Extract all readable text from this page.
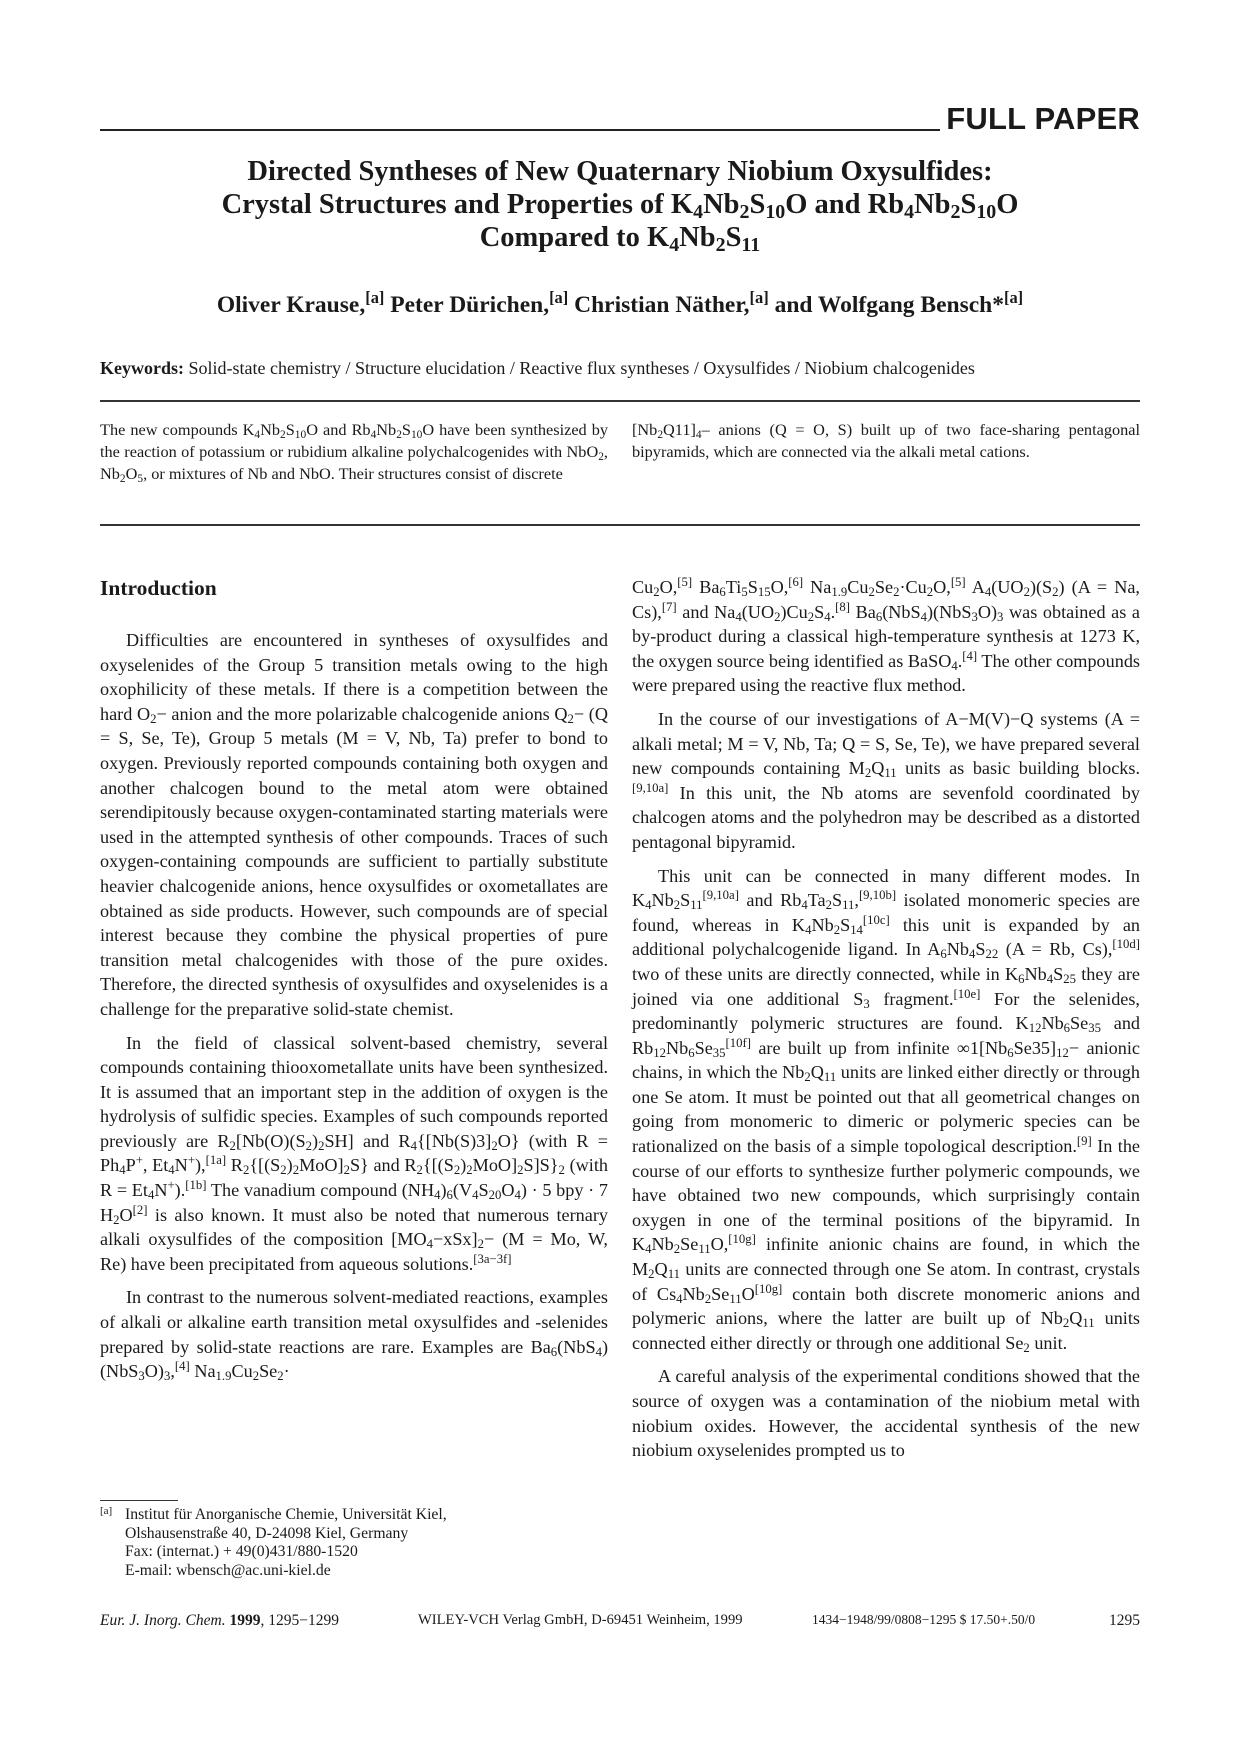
FULL PAPER
Directed Syntheses of New Quaternary Niobium Oxysulfides:
Crystal Structures and Properties of $K_4Nb_2S_{10}O$ and $Rb_4Nb_2S_{10}O$
Compared to $K_4Nb_2S_{11}$
Oliver Krause,[a] Peter Dürichen,[a] Christian Näther,[a] and Wolfgang Bensch*[a]
Keywords: Solid-state chemistry / Structure elucidation / Reactive flux syntheses / Oxysulfides / Niobium chalcogenides
The new compounds $K_4Nb_2S_{10}O$ and $Rb_4Nb_2S_{10}O$ have been synthesized by the reaction of potassium or rubidium alkaline polychalcogenides with NbO$_2$, $Nb_2O_5$, or mixtures of Nb and NbO. Their structures consist of discrete
$[Nb_2Q11]_4-$ anions (Q = O, S) built up of two face-sharing pentagonal bipyramids, which are connected via the alkali metal cations.
Introduction

Difficulties are encountered in syntheses of oxysulfides and oxyselenides of the Group 5 transition metals owing to the high oxophilicity of these metals. If there is a competition between the hard $O_2-$ anion and the more polarizable chalcogenide anions $Q_2- (Q = S$, Se, Te), Group 5 metals (M = V, Nb, Ta) prefer to bond to oxygen. Previously reported compounds containing both oxygen and another chalcogen bound to the metal atom were obtained serendipitously because oxygen-contaminated starting materials were used in the attempted synthesis of other compounds. Traces of such oxygen-containing compounds are sufficient to partially substitute heavier chalcogenide anions, hence oxysulfides or oxometallates are obtained as side products. However, such compounds are of special interest because they combine the physical properties of pure transition metal chalcogenides with those of the pure oxides. Therefore, the directed synthesis of oxysulfides and oxyselenides is a challenge for the preparative solid-state chemist.

In the field of classical solvent-based chemistry, several compounds containing thiooxometallate units have been synthesized. It is assumed that an important step in the addition of oxygen is the hydrolysis of sulfidic species. Examples of such compounds reported previously are $R_2[Nb(O)(S_2)_2SH]$ and $R_4\{[Nb(S)3]_2O\}$ (with $R = Ph_4P^+$, $Et_4N^+),[1a]$ $R_2\{[(S_2)_2MoO]_2S\}$ and $R_2\{[(S_2)_2MoO]_2S]S\}_2$ (with $R = Et_4N^+).[1b]$ The vanadium compound $(NH_4)_6(V_4S_{20}O_4) \cdot 5$ bpy · 7 $H_2O[2]$ is also known. It must also be noted that numerous ternary alkali oxysulfides of the composition $[MO_4-xSx]_2- (M = Mo$, W, Re) have been precipitated from aqueous solutions.[3a−3f]

In contrast to the numerous solvent-mediated reactions, examples of alkali or alkaline earth transition metal oxysulfides and -selenides prepared by solid-state reactions are rare. Examples are $Ba_6(NbS_4)(NbS_3O)_3,[4]$ $Na_{1.9}Cu_2Se_2\cdot$

$Cu_2O,[5]$ $Ba_6Ti_5S_{15}O,[6]$ $Na_{1.9}Cu_2Se_2\cdot Cu_2O,[5]$ $A_4(UO_2)(S_2) (A = Na$, Cs),[7] and $Na_4(UO_2)Cu_2S_4.[8]$ $Ba_6(NbS_4)(NbS_3O)_3$ was obtained as a by-product during a classical high-temperature synthesis at 1273 K, the oxygen source being identified as BaSO$_4$.[4] The other compounds were prepared using the reactive flux method.

In the course of our investigations of A−M(V)−Q systems (A = alkali metal; M = V, Nb, Ta; Q = S, Se, Te), we have prepared several new compounds containing $M_2Q_{11}$ units as basic building blocks.[9,10a] In this unit, the Nb atoms are sevenfold coordinated by chalcogen atoms and the polyhedron may be described as a distorted pentagonal bipyramid.

This unit can be connected in many different modes. In $K_4Nb_2S_{11}[9,10a]$ and $Rb_4Ta_2S_{11},[9,10b]$ isolated monomeric species are found, whereas in $K_4Nb_2S_{14}[10c]$ this unit is expanded by an additional polychalcogenide ligand. In $A_6Nb_4S_{22}$ (A = Rb, Cs),[10d] two of these units are directly connected, while in $K_6Nb_4S_{25}$ they are joined via one additional $S_3$ fragment.[10e] For the selenides, predominantly polymeric structures are found. $K_{12}Nb_6Se_{35}$ and $Rb_{12}Nb_6Se_{35}[10f]$ are built up from infinite $\infty 1[Nb_6Se35]_{12}-$ anionic chains, in which the $Nb_2Q_{11}$ units are linked either directly or through one Se atom. It must be pointed out that all geometrical changes on going from monomeric to dimeric or polymeric species can be rationalized on the basis of a simple topological description.[9] In the course of our efforts to synthesize further polymeric compounds, we have obtained two new compounds, which surprisingly contain oxygen in one of the terminal positions of the bipyramid. In $K_4Nb_2Se_{11}O,[10g]$ infinite anionic chains are found, in which the $M_2Q_{11}$ units are connected through one Se atom. In contrast, crystals of $Cs_4Nb_2Se_{11}O[10g]$ contain both discrete monomeric anions and polymeric anions, where the latter are built up of $Nb_2Q_{11}$ units connected either directly or through one additional $Se_2$ unit.

A careful analysis of the experimental conditions showed that the source of oxygen was a contamination of the niobium metal with niobium oxides. However, the accidental synthesis of the new niobium oxyselenides prompted us to

[a] Institut für Anorganische Chemie, Universität Kiel,
Olshausenstraße 40, D-24098 Kiel, Germany
Fax: (internat.) + 49(0)431/880-1520
E-mail: wbensch@ac.uni-kiel.de
Eur. J. Inorg. Chem. 1999, 1295−1299	WILEY-VCH Verlag GmbH, D-69451 Weinheim, 1999	1434−1948/99/0808−1295 $ 17.50+.50/0	1295
